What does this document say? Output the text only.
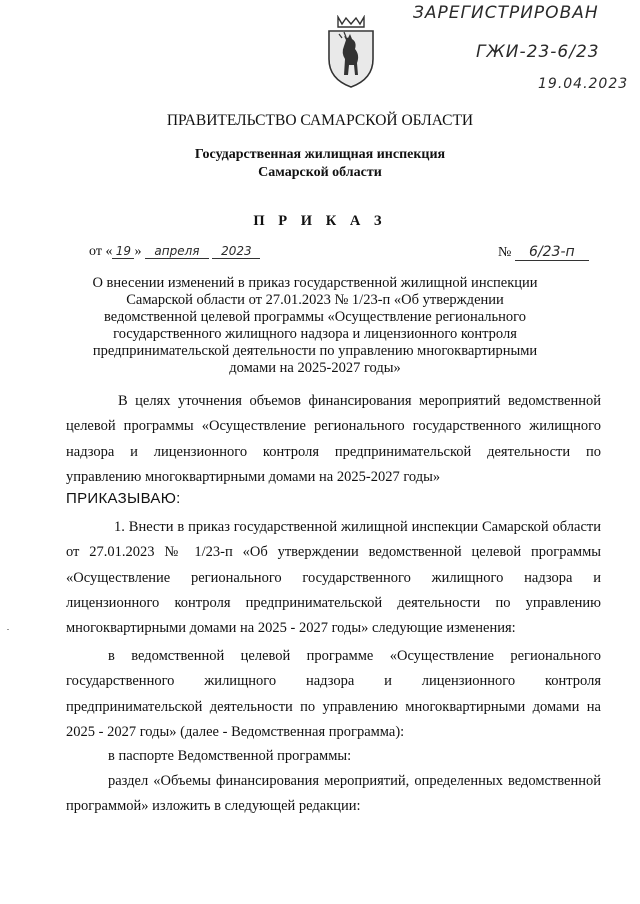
ЗАРЕГИСТРИРОВАН
ГЖИ-23-6/23
19.04.2023
ПРАВИТЕЛЬСТВО САМАРСКОЙ ОБЛАСТИ
Государственная жилищная инспекция
Самарской области
П Р И К А З
от « 19 » апреля 2023	№ 6/23-п
О внесении изменений в приказ государственной жилищной инспекции Самарской области от 27.01.2023 № 1/23-п «Об утверждении ведомственной целевой программы «Осуществление регионального государственного жилищного надзора и лицензионного контроля предпринимательской деятельности по управлению многоквартирными домами на 2025-2027 годы»
В целях уточнения объемов финансирования мероприятий ведомственной целевой программы «Осуществление регионального государственного жилищного надзора и лицензионного контроля предпринимательской деятельности по управлению многоквартирными домами на 2025-2027 годы»
ПРИКАЗЫВАЮ:
1. Внести в приказ государственной жилищной инспекции Самарской области от 27.01.2023 № 1/23-п «Об утверждении ведомственной целевой программы «Осуществление регионального государственного жилищного надзора и лицензионного контроля предпринимательской деятельности по управлению многоквартирными домами на 2025 - 2027 годы» следующие изменения:
в ведомственной целевой программе «Осуществление регионального государственного жилищного надзора и лицензионного контроля предпринимательской деятельности по управлению многоквартирными домами на 2025 - 2027 годы» (далее - Ведомственная программа):
в паспорте Ведомственной программы:
раздел «Объемы финансирования мероприятий, определенных ведомственной программой» изложить в следующей редакции:
